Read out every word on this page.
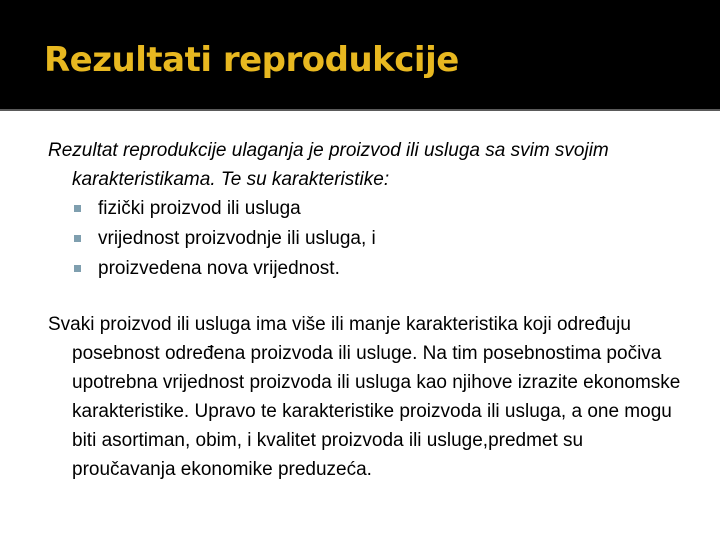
Rezultati reprodukcije

Rezultat reprodukcije ulaganja je proizvod ili usluga sa svim svojim karakteristikama. Te su karakteristike:

fizički proizvod ili usluga
vrijednost proizvodnje ili usluga, i
proizvedena nova vrijednost.

Svaki proizvod ili usluga ima više ili manje karakteristika koji određuju posebnost određena proizvoda ili usluge. Na tim posebnostima počiva upotrebna vrijednost proizvoda ili usluga kao njihove izrazite ekonomske karakteristike. Upravo te karakteristike proizvoda ili usluga, a one mogu biti asortiman, obim, i kvalitet proizvoda ili usluge,predmet su proučavanja ekonomike preduzeća.
